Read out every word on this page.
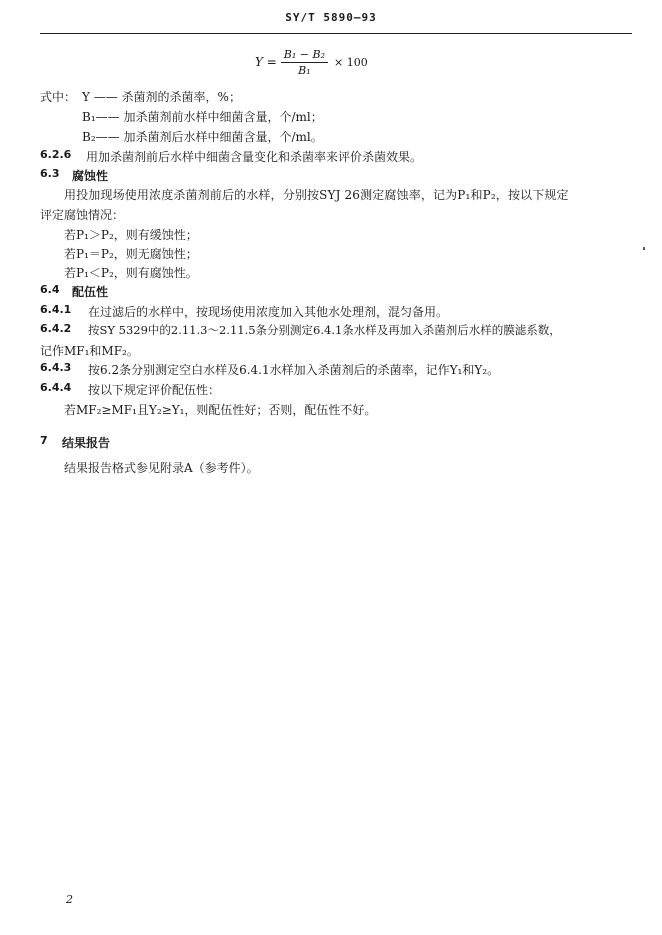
SY/T 5890—93
$Y = \frac{\text{B₁ − B₂}}{\text{B₁}} \times 100$
式中： Y —— 杀菌剂的杀菌率，%；
B₁—— 加杀菌剂前水样中细菌含量，个/ml；
B₂—— 加杀菌剂后水样中细菌含量，个/ml。
6.2.6 用加杀菌剂前后水样中细菌含量变化和杀菌率来评价杀菌效果。
6.3 腐蚀性
用投加现场使用浓度杀菌剂前后的水样，分别按SYJ 26测定腐蚀率，记为P₁和P₂，按以下规定
评定腐蚀情况：
若P₁＞P₂，则有缓蚀性；
若P₁＝P₂，则无腐蚀性；
若P₁＜P₂，则有腐蚀性。
6.4 配伍性
6.4.1 在过滤后的水样中，按现场使用浓度加入其他水处理剂，混匀备用。
6.4.2 按SY 5329中的2.11.3～2.11.5条分别测定6.4.1条水样及再加入杀菌剂后水样的膜滤系数，
记作MF₁和MF₂。
6.4.3 按6.2条分别测定空白水样及6.4.1水样加入杀菌剂后的杀菌率，记作Y₁和Y₂。
6.4.4 按以下规定评价配伍性：
若MF₂≥MF₁且Y₂≥Y₁，则配伍性好；否则，配伍性不好。
7 结果报告
结果报告格式参见附录A（参考件）。
2
